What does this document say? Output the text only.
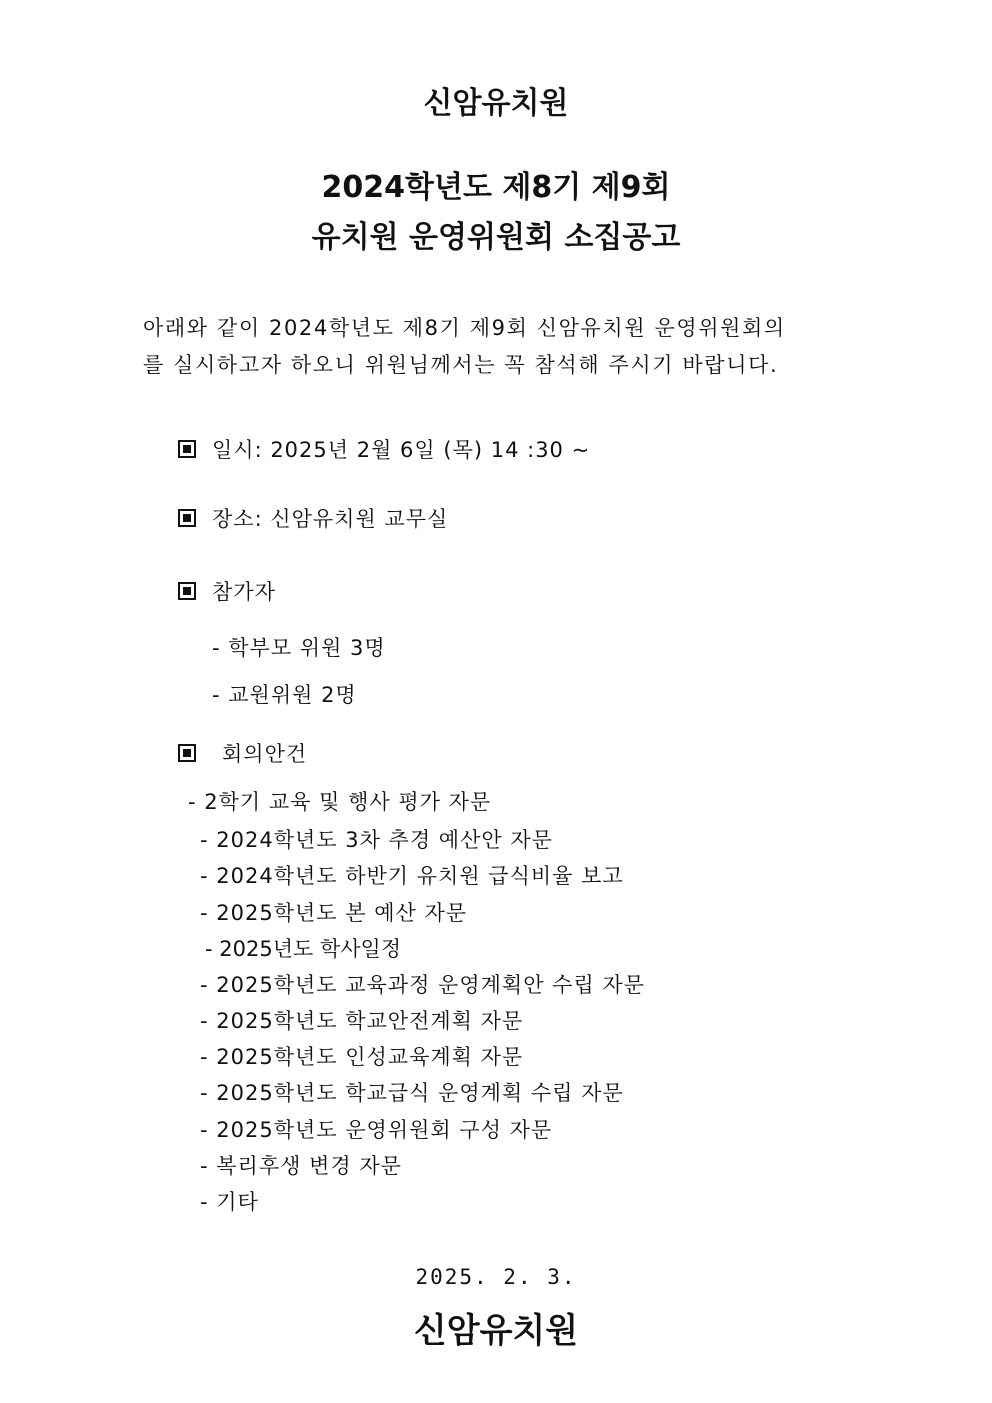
신암유치원
2024학년도 제8기 제9회
유치원 운영위원회 소집공고
아래와 같이 2024학년도 제8기 제9회 신암유치원 운영위원회의
를 실시하고자 하오니 위원님께서는 꼭 참석해 주시기 바랍니다.
일시: 2025년 2월 6일 (목) 14 :30 ~
장소: 신암유치원 교무실
참가자
- 학부모 위원 3명
- 교원위원 2명
회의안건
- 2학기 교육 및 행사 평가 자문
- 2024학년도 3차 추경 예산안 자문
- 2024학년도 하반기 유치원 급식비율 보고
- 2025학년도 본 예산 자문
- 2025년도 학사일정
- 2025학년도 교육과정 운영계획안 수립 자문
- 2025학년도 학교안전계획 자문
- 2025학년도 인성교육계획 자문
- 2025학년도 학교급식 운영계획 수립 자문
- 2025학년도 운영위원회 구성 자문
- 복리후생 변경 자문
- 기타
2025. 2. 3.
신암유치원
